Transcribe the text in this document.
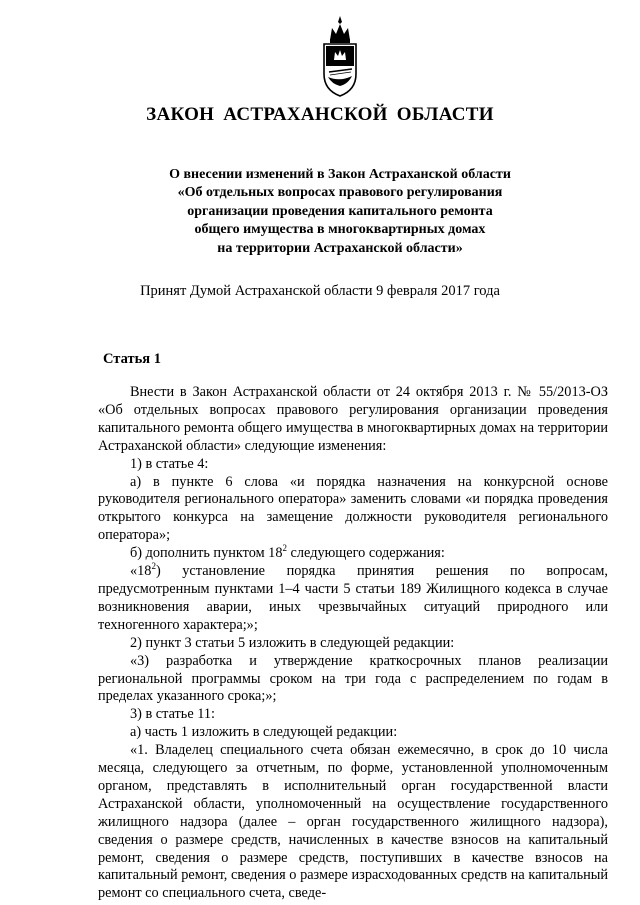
ЗАКОН АСТРАХАНСКОЙ ОБЛАСТИ
О внесении изменений в Закон Астраханской области
«Об отдельных вопросах правового регулирования
организации проведения капитального ремонта
общего имущества в многоквартирных домах
на территории Астраханской области»
Принят Думой Астраханской области 9 февраля 2017 года
Статья 1

Внести в Закон Астраханской области от 24 октября 2013 г. № 55/2013-ОЗ «Об отдельных вопросах правового регулирования организации проведения капитального ремонта общего имущества в многоквартирных домах на территории Астраханской области» следующие изменения:

1) в статье 4:

а) в пункте 6 слова «и порядка назначения на конкурсной основе руководителя регионального оператора» заменить словами «и порядка проведения открытого конкурса на замещение должности руководителя регионального оператора»;

б) дополнить пунктом $18^2$ следующего содержания:

«$18^2$) установление порядка принятия решения по вопросам, предусмотренным пунктами 1–4 части 5 статьи 189 Жилищного кодекса в случае возникновения аварии, иных чрезвычайных ситуаций природного или техногенного характера;»;

2) пункт 3 статьи 5 изложить в следующей редакции:

«3) разработка и утверждение краткосрочных планов реализации региональной программы сроком на три года с распределением по годам в пределах указанного срока;»;

3) в статье 11:

а) часть 1 изложить в следующей редакции:

«1. Владелец специального счета обязан ежемесячно, в срок до 10 числа месяца, следующего за отчетным, по форме, установленной уполномоченным органом, представлять в исполнительный орган государственной власти Астраханской области, уполномоченный на осуществление государственного жилищного надзора (далее – орган государственного жилищного надзора), сведения о размере средств, начисленных в качестве взносов на капитальный ремонт, сведения о размере средств, поступивших в качестве взносов на капитальный ремонт, сведения о размере израсходованных средств на капитальный ремонт со специального счета, сведе-
